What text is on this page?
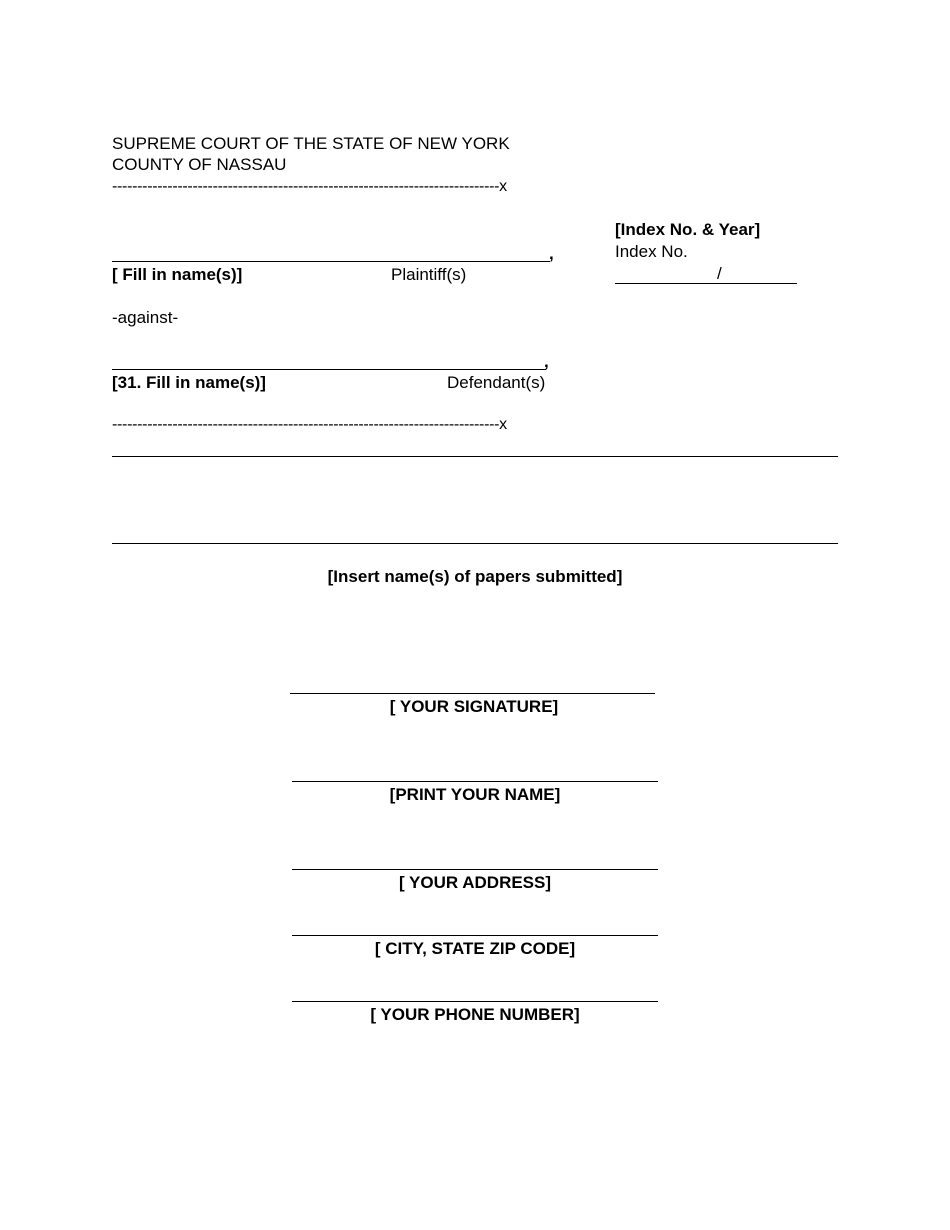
SUPREME COURT OF THE STATE OF NEW YORK
COUNTY OF NASSAU
-----------------------------------------------------------------------------x
[Index No. & Year]
Index No.
/
,
[ Fill in name(s)]	Plaintiff(s)
-against-
,
[31. Fill in name(s)]	Defendant(s)
-----------------------------------------------------------------------------x
[Insert name(s) of papers submitted]
[ YOUR SIGNATURE]
[PRINT YOUR NAME]
[ YOUR ADDRESS]
[ CITY, STATE ZIP CODE]
[ YOUR PHONE NUMBER]
